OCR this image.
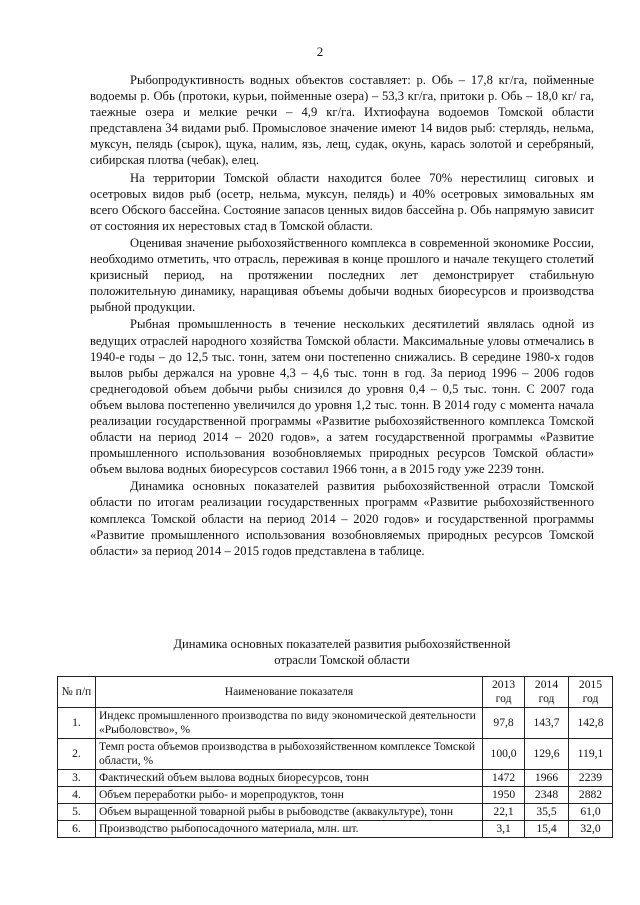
2

Рыбопродуктивность водных объектов составляет: р. Обь – 17,8 кг/га, пойменные водоемы р. Обь (протоки, курьи, пойменные озера) – 53,3 кг/га, притоки р. Обь – 18,0 кг/ га, таежные озера и мелкие речки – 4,9 кг/га. Ихтиофауна водоемов Томской области представлена 34 видами рыб. Промысловое значение имеют 14 видов рыб: стерлядь, нельма, муксун, пелядь (сырок), щука, налим, язь, лещ, судак, окунь, карась золотой и серебряный, сибирская плотва (чебак), елец.

На территории Томской области находится более 70% нерестилищ сиговых и осетровых видов рыб (осетр, нельма, муксун, пелядь) и 40% осетровых зимовальных ям всего Обского бассейна. Состояние запасов ценных видов бассейна р. Обь напрямую зависит от состояния их нерестовых стад в Томской области.

Оценивая значение рыбохозяйственного комплекса в современной экономике России, необходимо отметить, что отрасль, переживая в конце прошлого и начале текущего столетий кризисный период, на протяжении последних лет демонстрирует стабильную положительную динамику, наращивая объемы добычи водных биоресурсов и производства рыбной продукции.

Рыбная промышленность в течение нескольких десятилетий являлась одной из ведущих отраслей народного хозяйства Томской области. Максимальные уловы отмечались в 1940-е годы – до 12,5 тыс. тонн, затем они постепенно снижались. В середине 1980-х годов вылов рыбы держался на уровне 4,3 – 4,6 тыс. тонн в год. За период 1996 – 2006 годов среднегодовой объем добычи рыбы снизился до уровня 0,4 – 0,5 тыс. тонн. С 2007 года объем вылова постепенно увеличился до уровня 1,2 тыс. тонн. В 2014 году с момента начала реализации государственной программы «Развитие рыбохозяйственного комплекса Томской области на период 2014 – 2020 годов», а затем государственной программы «Развитие промышленного использования возобновляемых природных ресурсов Томской области» объем вылова водных биоресурсов составил 1966 тонн, а в 2015 году уже 2239 тонн.

Динамика основных показателей развития рыбохозяйственной отрасли Томской области по итогам реализации государственных программ «Развитие рыбохозяйственного комплекса Томской области на период 2014 – 2020 годов» и государственной программы «Развитие промышленного использования возобновляемых природных ресурсов Томской области» за период 2014 – 2015 годов представлена в таблице.

Динамика основных показателей развития рыбохозяйственной
отрасли Томской области
№ п/п	Наименование показателя	2013 год	2014 год	2015 год
1.	Индекс промышленного производства по виду экономической деятельности «Рыболовство», %	97,8	143,7	142,8
2.	Темп роста объемов производства в рыбохозяйственном комплексе Томской области, %	100,0	129,6	119,1
3.	Фактический объем вылова водных биоресурсов, тонн	1472	1966	2239
4.	Объем переработки рыбо- и морепродуктов, тонн	1950	2348	2882
5.	Объем выращенной товарной рыбы в рыбоводстве (аквакультуре), тонн	22,1	35,5	61,0
6.	Производство рыбопосадочного материала, млн. шт.	3,1	15,4	32,0
